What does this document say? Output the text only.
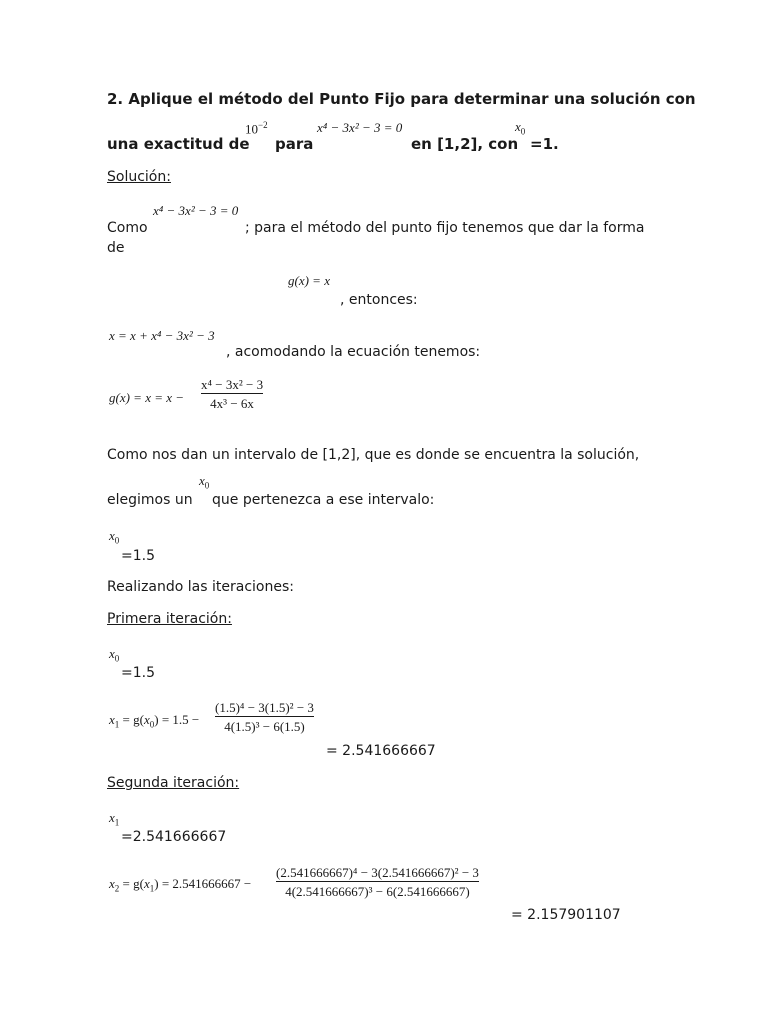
2. Aplique el método del Punto Fijo para determinar una solución con
$10^{-2}$	x⁴ − 3x² − 3 = 0	$x_0$
una exactitud de para	en [1,2], con =1.
Solución:
x⁴ − 3x² − 3 = 0
Como	; para el método del punto fijo tenemos que dar la forma
de
g(x) = x
, entonces:
x = x + x⁴ − 3x² − 3
, acomodando la ecuación tenemos:
g(x) = x = x −
x⁴ − 3x² − 3
4x³ − 6x
Como nos dan un intervalo de [1,2], que es donde se encuentra la solución,
$x_0$
elegimos un que pertenezca a ese intervalo:
$x_0$
=1.5
Realizando las iteraciones:
Primera iteración:
$x_0$
=1.5
$x_1 = g(x_0) = 1.5$ −
(1.5)⁴ − 3(1.5)² − 3
4(1.5)³ − 6(1.5)
= 2.541666667
Segunda iteración:
$x_1$
=2.541666667
$x_2 = g(x_1) = 2.541666667$ −
(2.541666667)⁴ − 3(2.541666667)² − 3
4(2.541666667)³ − 6(2.541666667)
= 2.157901107
